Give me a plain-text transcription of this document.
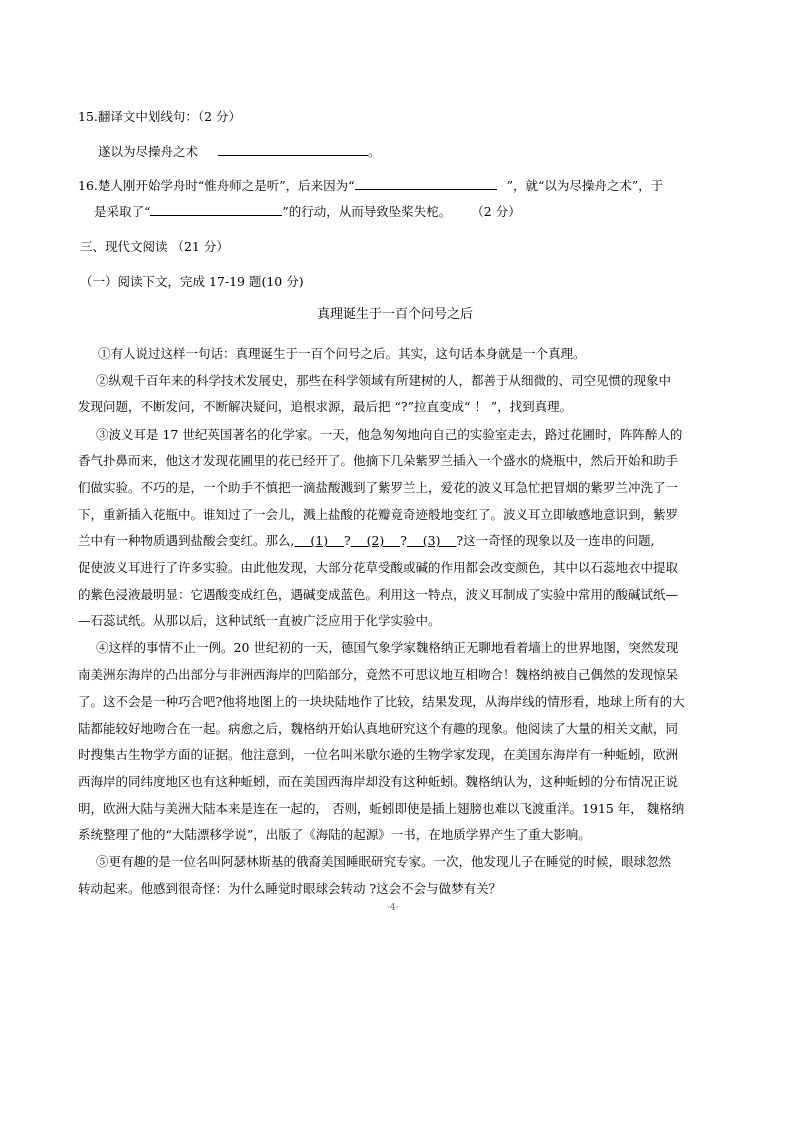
15.翻译文中划线句：（2 分）
遂以为尽操舟之术	。
16.楚人刚开始学舟时“惟舟师之是听”，后来因为“	”，就“以为尽操舟之术”，于
是采取了“	”的行动，从而导致坠桨失柁。 （2 分）
三、现代文阅读 （21 分）
（一）阅读下文，完成 17-19 题(10 分)
真理诞生于一百个问号之后
①有人说过这样一句话：真理诞生于一百个问号之后。其实，这句话本身就是一个真理。
②纵观千百年来的科学技术发展史，那些在科学领域有所建树的人，都善于从细微的、司空见惯的现象中
发现问题，不断发问，不断解决疑问，追根求源，最后把 “?”拉直变成“ ！ ”，找到真理。
③波义耳是 17 世纪英国著名的化学家。一天，他急匆匆地向自己的实验室走去，路过花圃时，阵阵醉人的
香气扑鼻而来，他这才发现花圃里的花已经开了。他摘下几朵紫罗兰插入一个盛水的烧瓶中，然后开始和助手
们做实验。不巧的是，一个助手不慎把一滴盐酸溅到了紫罗兰上，爱花的波义耳急忙把冒烟的紫罗兰冲洗了一
下，重新插入花瓶中。谁知过了一会儿，溅上盐酸的花瓣竟奇迹般地变红了。波义耳立即敏感地意识到，紫罗
兰中有一种物质遇到盐酸会变红。那么,    (1)    ?    (2)    ?    (3)    ?这一奇怪的现象以及一连串的问题,
促使波义耳进行了许多实验。由此他发现，大部分花草受酸或碱的作用都会改变颜色，其中以石蕊地衣中提取
的紫色浸液最明显：它遇酸变成红色，遇碱变成蓝色。利用这一特点，波义耳制成了实验中常用的酸碱试纸—
—石蕊试纸。从那以后，这种试纸一直被广泛应用于化学实验中。
④这样的事情不止一例。20 世纪初的一天，德国气象学家魏格纳正无聊地看着墙上的世界地图，突然发现
南美洲东海岸的凸出部分与非洲西海岸的凹陷部分，竟然不可思议地互相吻合！魏格纳被自己偶然的发现惊呆
了。这不会是一种巧合吧?他将地图上的一块块陆地作了比较，结果发现，从海岸线的情形看，地球上所有的大
陆都能较好地吻合在一起。病愈之后，魏格纳开始认真地研究这个有趣的现象。他阅读了大量的相关文献，同
时搜集古生物学方面的证据。他注意到，一位名叫米歇尔逊的生物学家发现，在美国东海岸有一种蚯蚓，欧洲
西海岸的同纬度地区也有这种蚯蚓，而在美国西海岸却没有这种蚯蚓。魏格纳认为，这种蚯蚓的分布情况正说
明，欧洲大陆与美洲大陆本来是连在一起的， 否则，蚯蚓即使是插上翅膀也难以飞渡重洋。1915 年， 魏格纳
系统整理了他的“大陆漂移学说”，出版了《海陆的起源》一书，在地质学界产生了重大影响。
⑤更有趣的是一位名叫阿瑟林斯基的俄裔美国睡眠研究专家。一次，他发现儿子在睡觉的时候，眼球忽然
转动起来。他感到很奇怪：为什么睡觉时眼球会转动 ?这会不会与做梦有关？
·4·
